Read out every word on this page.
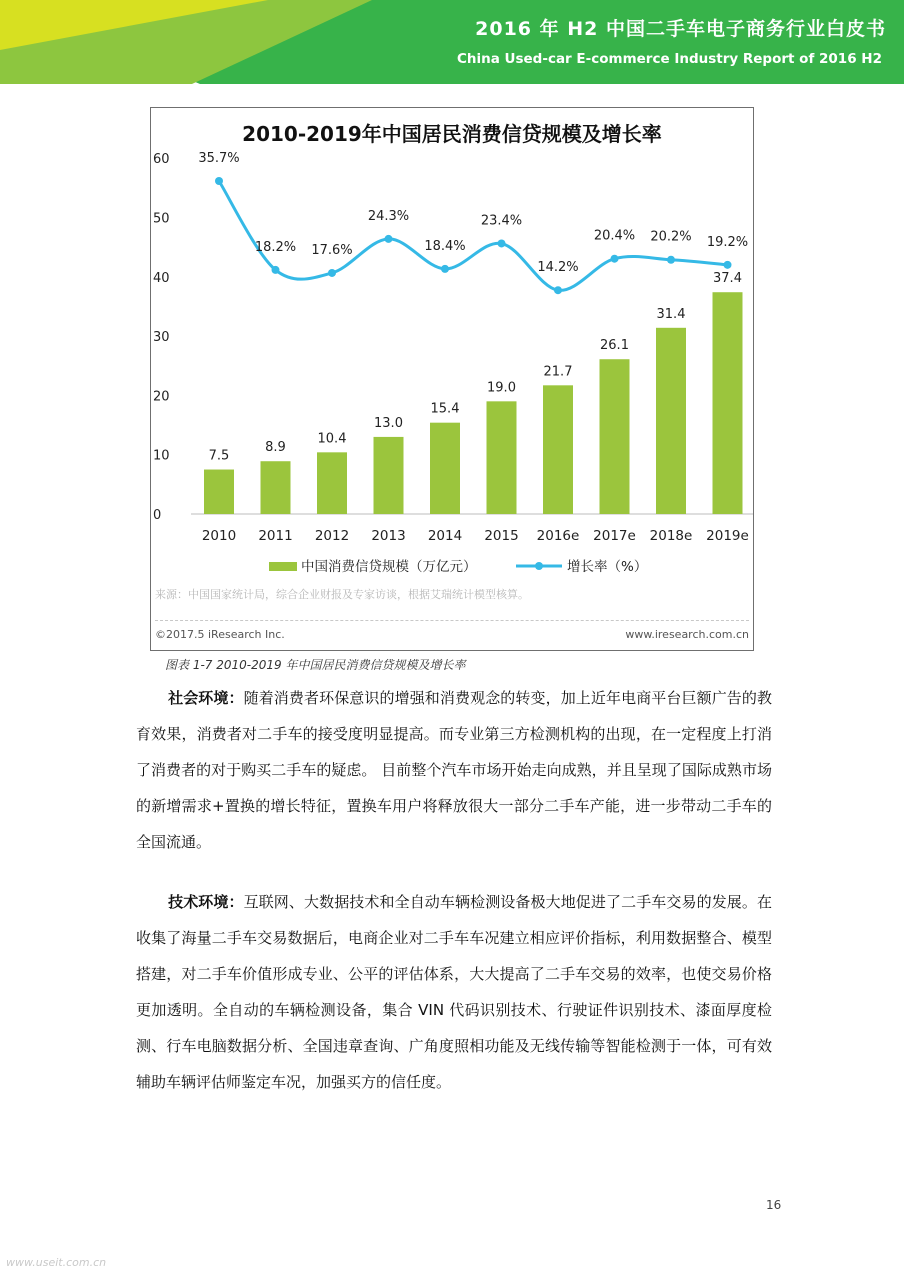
2016 年 H2 中国二手车电子商务行业白皮书
China Used-car E-commerce Industry Report of 2016 H2
0
10
20
30
40
50
60
7.5
2010
8.9
2011
10.4
2012
13.0
2013
15.4
2014
19.0
2015
21.7
2016e
26.1
2017e
31.4
2018e
37.4
2019e
35.7%
18.2% 17.6%
24.3%
18.4%
23.4%
14.2%
20.4% 20.2% 19.2%
中国消费信贷规模（万亿元）	增长率（%）
2010-2019年中国居民消费信贷规模及增长率
来源：中国国家统计局，综合企业财报及专家访谈，根据艾瑞统计模型核算。
©2017.5 iResearch Inc.	www.iresearch.com.cn
图表 1-7 2010-2019 年中国居民消费信贷规模及增长率

社会环境：随着消费者环保意识的增强和消费观念的转变，加上近年电商平台巨额广告的教育效果，消费者对二手车的接受度明显提高。而专业第三方检测机构的出现，在一定程度上打消了消费者的对于购买二手车的疑虑。 目前整个汽车市场开始走向成熟，并且呈现了国际成熟市场的新增需求+置换的增长特征，置换车用户将释放很大一部分二手车产能，进一步带动二手车的全国流通。

技术环境：互联网、大数据技术和全自动车辆检测设备极大地促进了二手车交易的发展。在收集了海量二手车交易数据后，电商企业对二手车车况建立相应评价指标，利用数据整合、模型搭建，对二手车价值形成专业、公平的评估体系，大大提高了二手车交易的效率，也使交易价格更加透明。全自动的车辆检测设备，集合 VIN 代码识别技术、行驶证件识别技术、漆面厚度检测、行车电脑数据分析、全国违章查询、广角度照相功能及无线传输等智能检测于一体，可有效辅助车辆评估师鉴定车况，加强买方的信任度。

16
www.useit.com.cn
